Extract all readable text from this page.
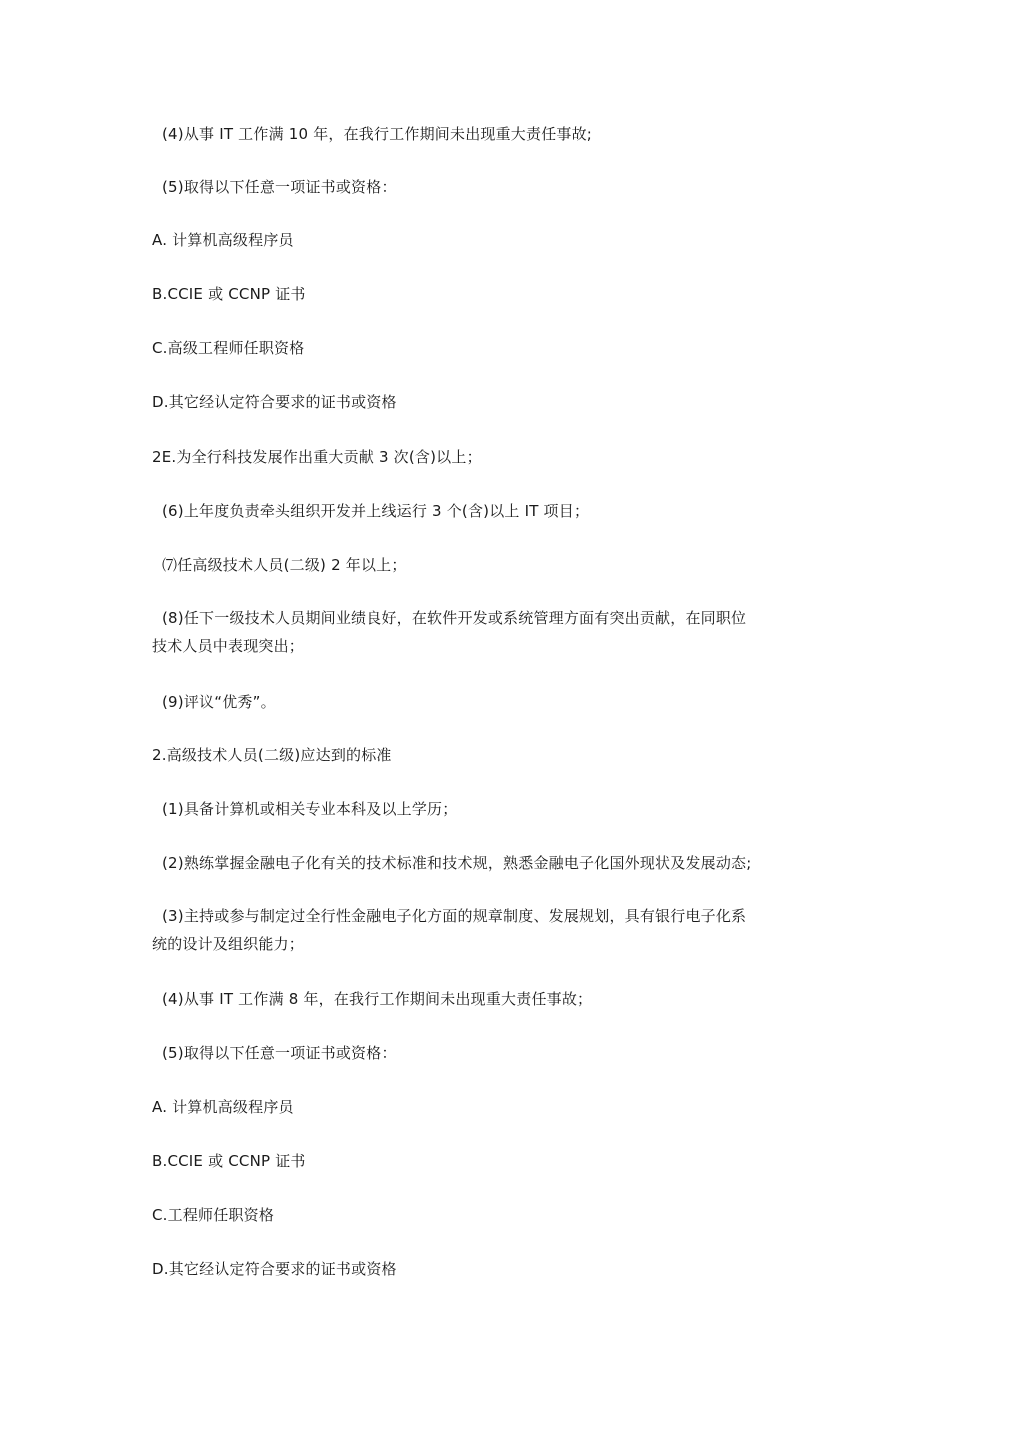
(4)从事 IT 工作满 10 年，在我行工作期间未出现重大责任事故;
(5)取得以下任意一项证书或资格：
A. 计算机高级程序员
B.CCIE 或 CCNP 证书
C.高级工程师任职资格
D.其它经认定符合要求的证书或资格
2E.为全行科技发展作出重大贡献 3 次(含)以上；
(6)上年度负责牵头组织开发并上线运行 3 个(含)以上 IT 项目；
⑺任高级技术人员(二级) 2 年以上；
(8)任下一级技术人员期间业绩良好，在软件开发或系统管理方面有突出贡献，在同职位
技术人员中表现突出；
(9)评议“优秀”。
2.高级技术人员(二级)应达到的标准
(1)具备计算机或相关专业本科及以上学历；
(2)熟练掌握金融电子化有关的技术标准和技术规，熟悉金融电子化国外现状及发展动态;
(3)主持或参与制定过全行性金融电子化方面的规章制度、发展规划，具有银行电子化系
统的设计及组织能力；
(4)从事 IT 工作满 8 年，在我行工作期间未出现重大责任事故；
(5)取得以下任意一项证书或资格：
A. 计算机高级程序员
B.CCIE 或 CCNP 证书
C.工程师任职资格
D.其它经认定符合要求的证书或资格
